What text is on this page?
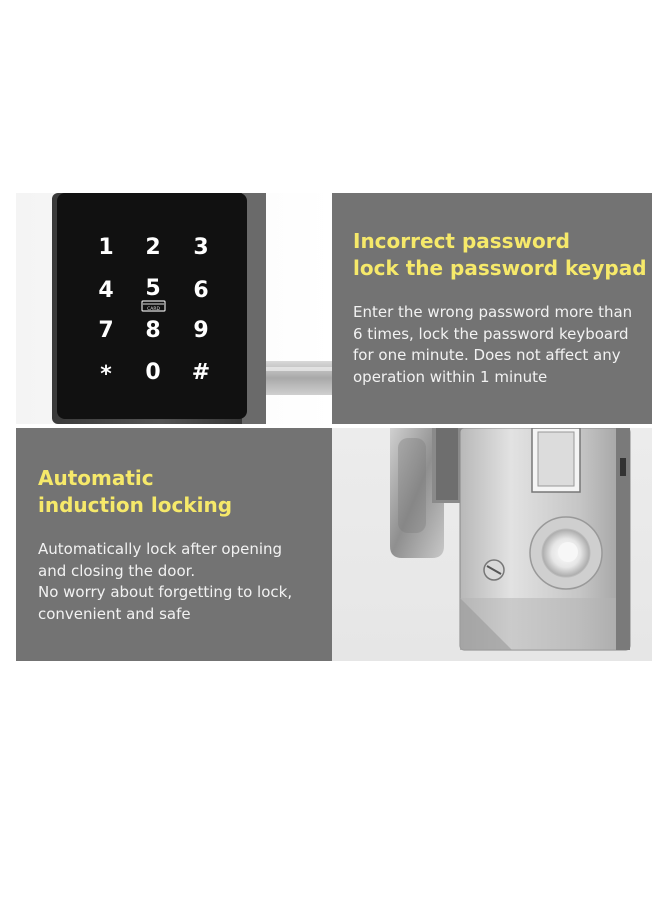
CARD
1 2 3
4 5 6
7 8 9
* 0 #
Incorrect password
lock the password keypad
Enter the wrong password more than
6 times, lock the password keyboard
for one minute. Does not affect any
operation within 1 minute
Automatic
induction locking
Automatically lock after opening
and closing the door.
No worry about forgetting to lock,
convenient and safe
